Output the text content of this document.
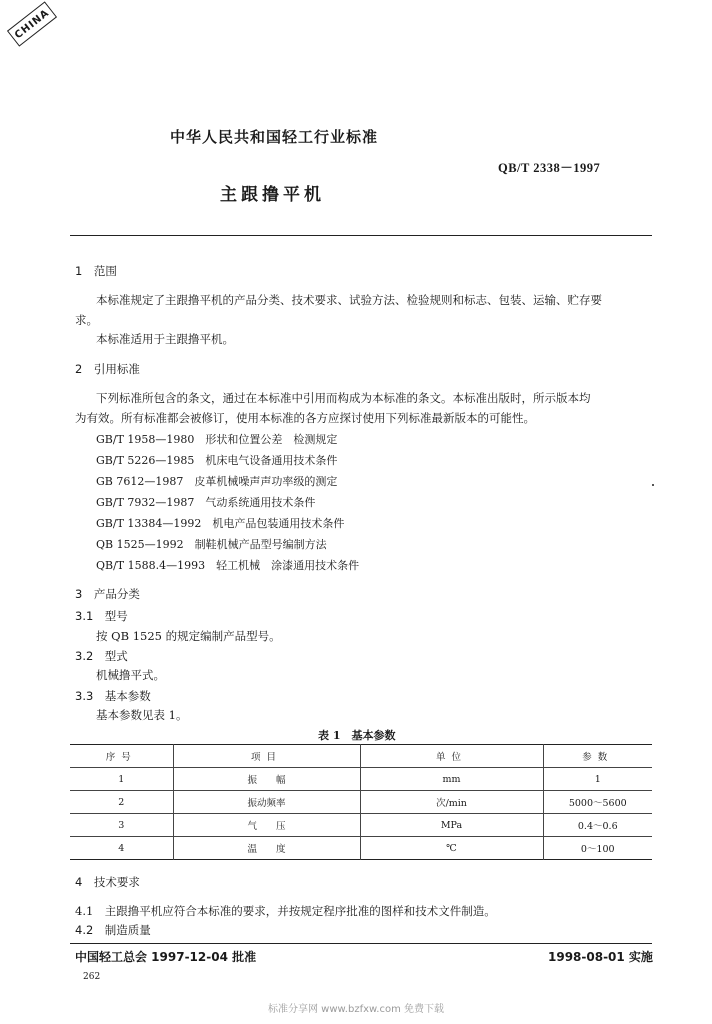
CHINA
中华人民共和国轻工行业标准
QB/T 2338－1997
主跟撸平机
1　范围
本标准规定了主跟撸平机的产品分类、技术要求、试验方法、检验规则和标志、包装、运输、贮存要
求。
本标准适用于主跟撸平机。
2　引用标准
下列标准所包含的条文，通过在本标准中引用而构成为本标准的条文。本标准出版时，所示版本均
为有效。所有标准都会被修订，使用本标准的各方应探讨使用下列标准最新版本的可能性。
GB/T 1958—1980　形状和位置公差　检测规定
GB/T 5226—1985　机床电气设备通用技术条件
GB 7612—1987　皮革机械噪声声功率级的测定
GB/T 7932—1987　气动系统通用技术条件
GB/T 13384—1992　机电产品包装通用技术条件
QB 1525—1992　制鞋机械产品型号编制方法
QB/T 1588.4—1993　轻工机械　涂漆通用技术条件
3　产品分类
3.1　型号
按 QB 1525 的规定编制产品型号。
3.2　型式
机械撸平式。
3.3　基本参数
基本参数见表 1。
表 1　基本参数
序号	项目	单位	参数
1	振　　幅	mm	1
2	振动频率	次/min	5000～5600
3	气　　压	MPa	0.4～0.6
4	温　　度	℃	0～100
4　技术要求
4.1　主跟撸平机应符合本标准的要求，并按规定程序批准的图样和技术文件制造。
4.2　制造质量
中国轻工总会 1997-12-04 批准	1998-08-01 实施
262
标准分享网 www.bzfxw.com 免费下载
